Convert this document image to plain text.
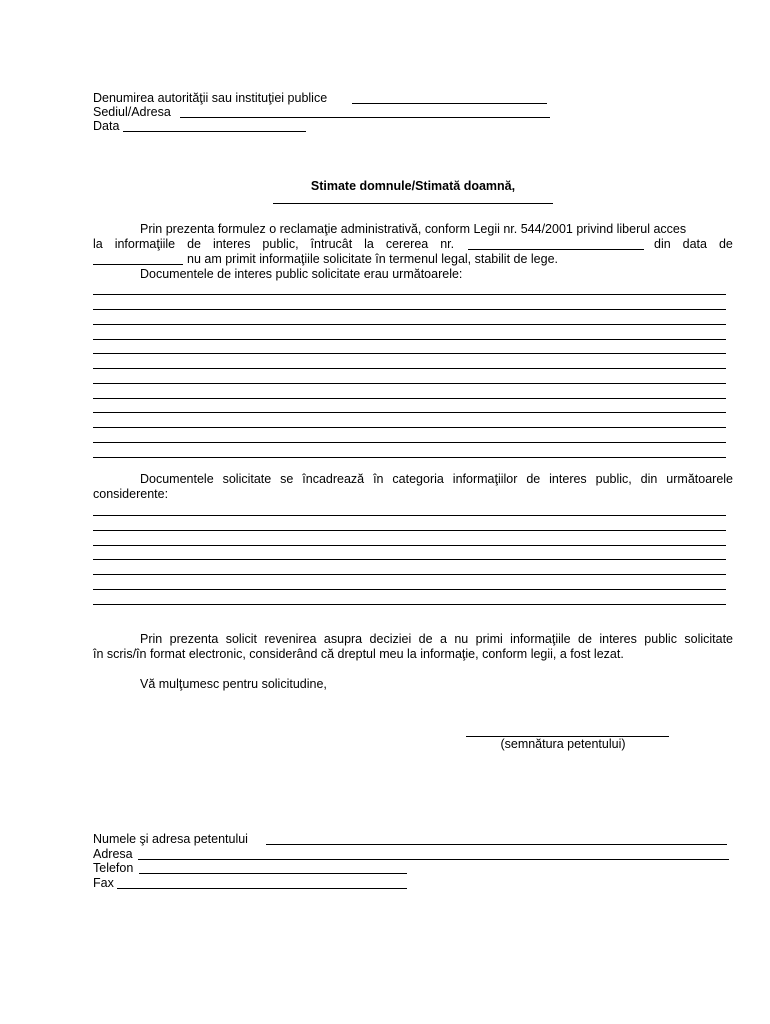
Denumirea autorităţii sau instituţiei publice
Sediul/Adresa
Data
Stimate domnule/Stimată doamnă,
Prin prezenta formulez o reclamaţie administrativă, conform Legii nr. 544/2001 privind liberul acces
la informaţiile de interes public, întrucât la cererea nr.	din data de
nu am primit informaţiile solicitate în termenul legal, stabilit de lege.
Documentele de interes public solicitate erau următoarele:
Documentele solicitate se încadrează în categoria informaţiilor de interes public, din următoarele
considerente:
Prin prezenta solicit revenirea asupra deciziei de a nu primi informaţiile de interes public solicitate
în scris/în format electronic, considerând că dreptul meu la informaţie, conform legii, a fost lezat.
Vă mulţumesc pentru solicitudine,
(semnătura petentului)
Numele şi adresa petentului
Adresa
Telefon
Fax
